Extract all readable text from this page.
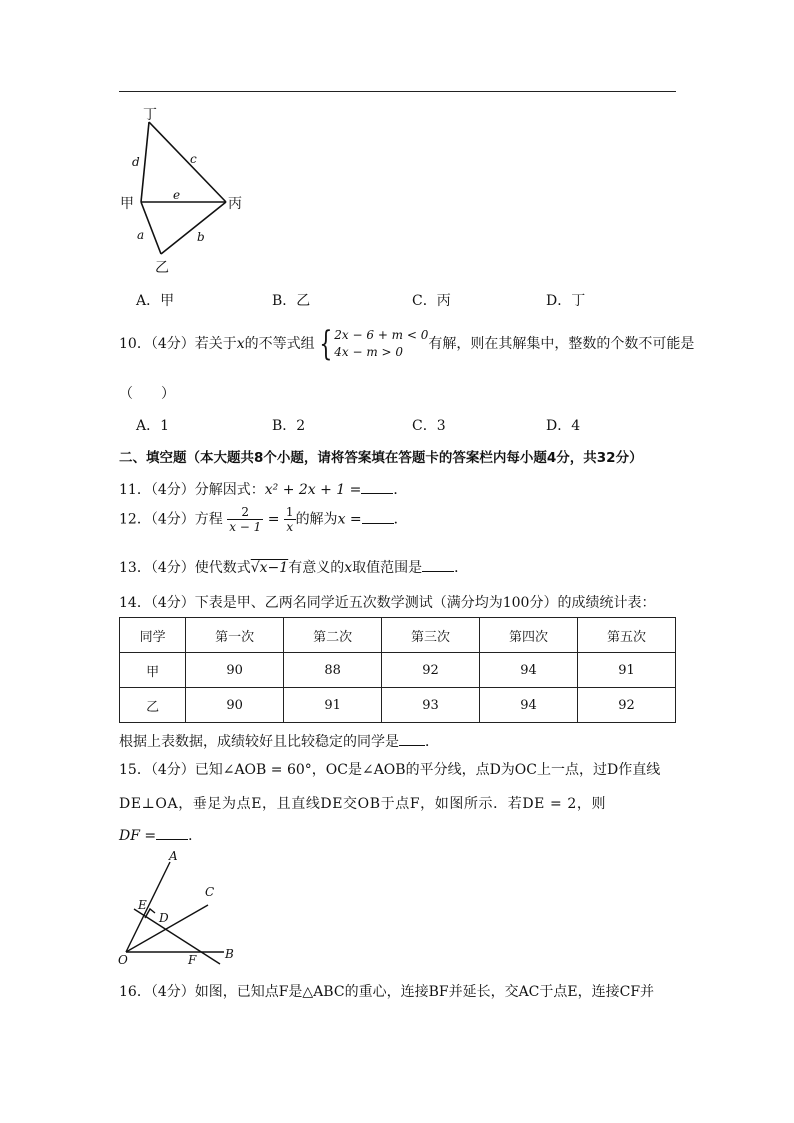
丁
甲	丙
乙
d	c
e
a	b
A．甲	B．乙	C．丙	D．丁
10．（4分）若关于x的不等式组 { 2x − 6 + m < 0
4x − m > 0	有解，则在其解集中，整数的个数不可能是
（　　）
A．1	B．2	C．3	D．4
二、填空题（本大题共8个小题，请将答案填在答题卡的答案栏内每小题4分，共32分）
11．（4分）分解因式：x² + 2x + 1 = ．
12．（4分）方程 $\frac{2}{x - 1} = \frac{1}{x}$ 的解为x = ．
13．（4分）使代数式√x−1有意义的x取值范围是 ．
14．（4分）下表是甲、乙两名同学近五次数学测试（满分均为100分）的成绩统计表：
同学	第一次	第二次	第三次	第四次	第五次
甲	90	88	92	94	91
乙	90	91	93	94	92
根据上表数据，成绩较好且比较稳定的同学是 ．
15．（4分）已知∠AOB = 60°，OC是∠AOB的平分线，点D为OC上一点，过D作直线
DE⊥OA，垂足为点E，且直线DE交OB于点F，如图所示．若DE = 2，则
DF = ．
A
C
E
D
O	F B
16．（4分）如图，已知点F是△ABC的重心，连接BF并延长，交AC于点E，连接CF并
